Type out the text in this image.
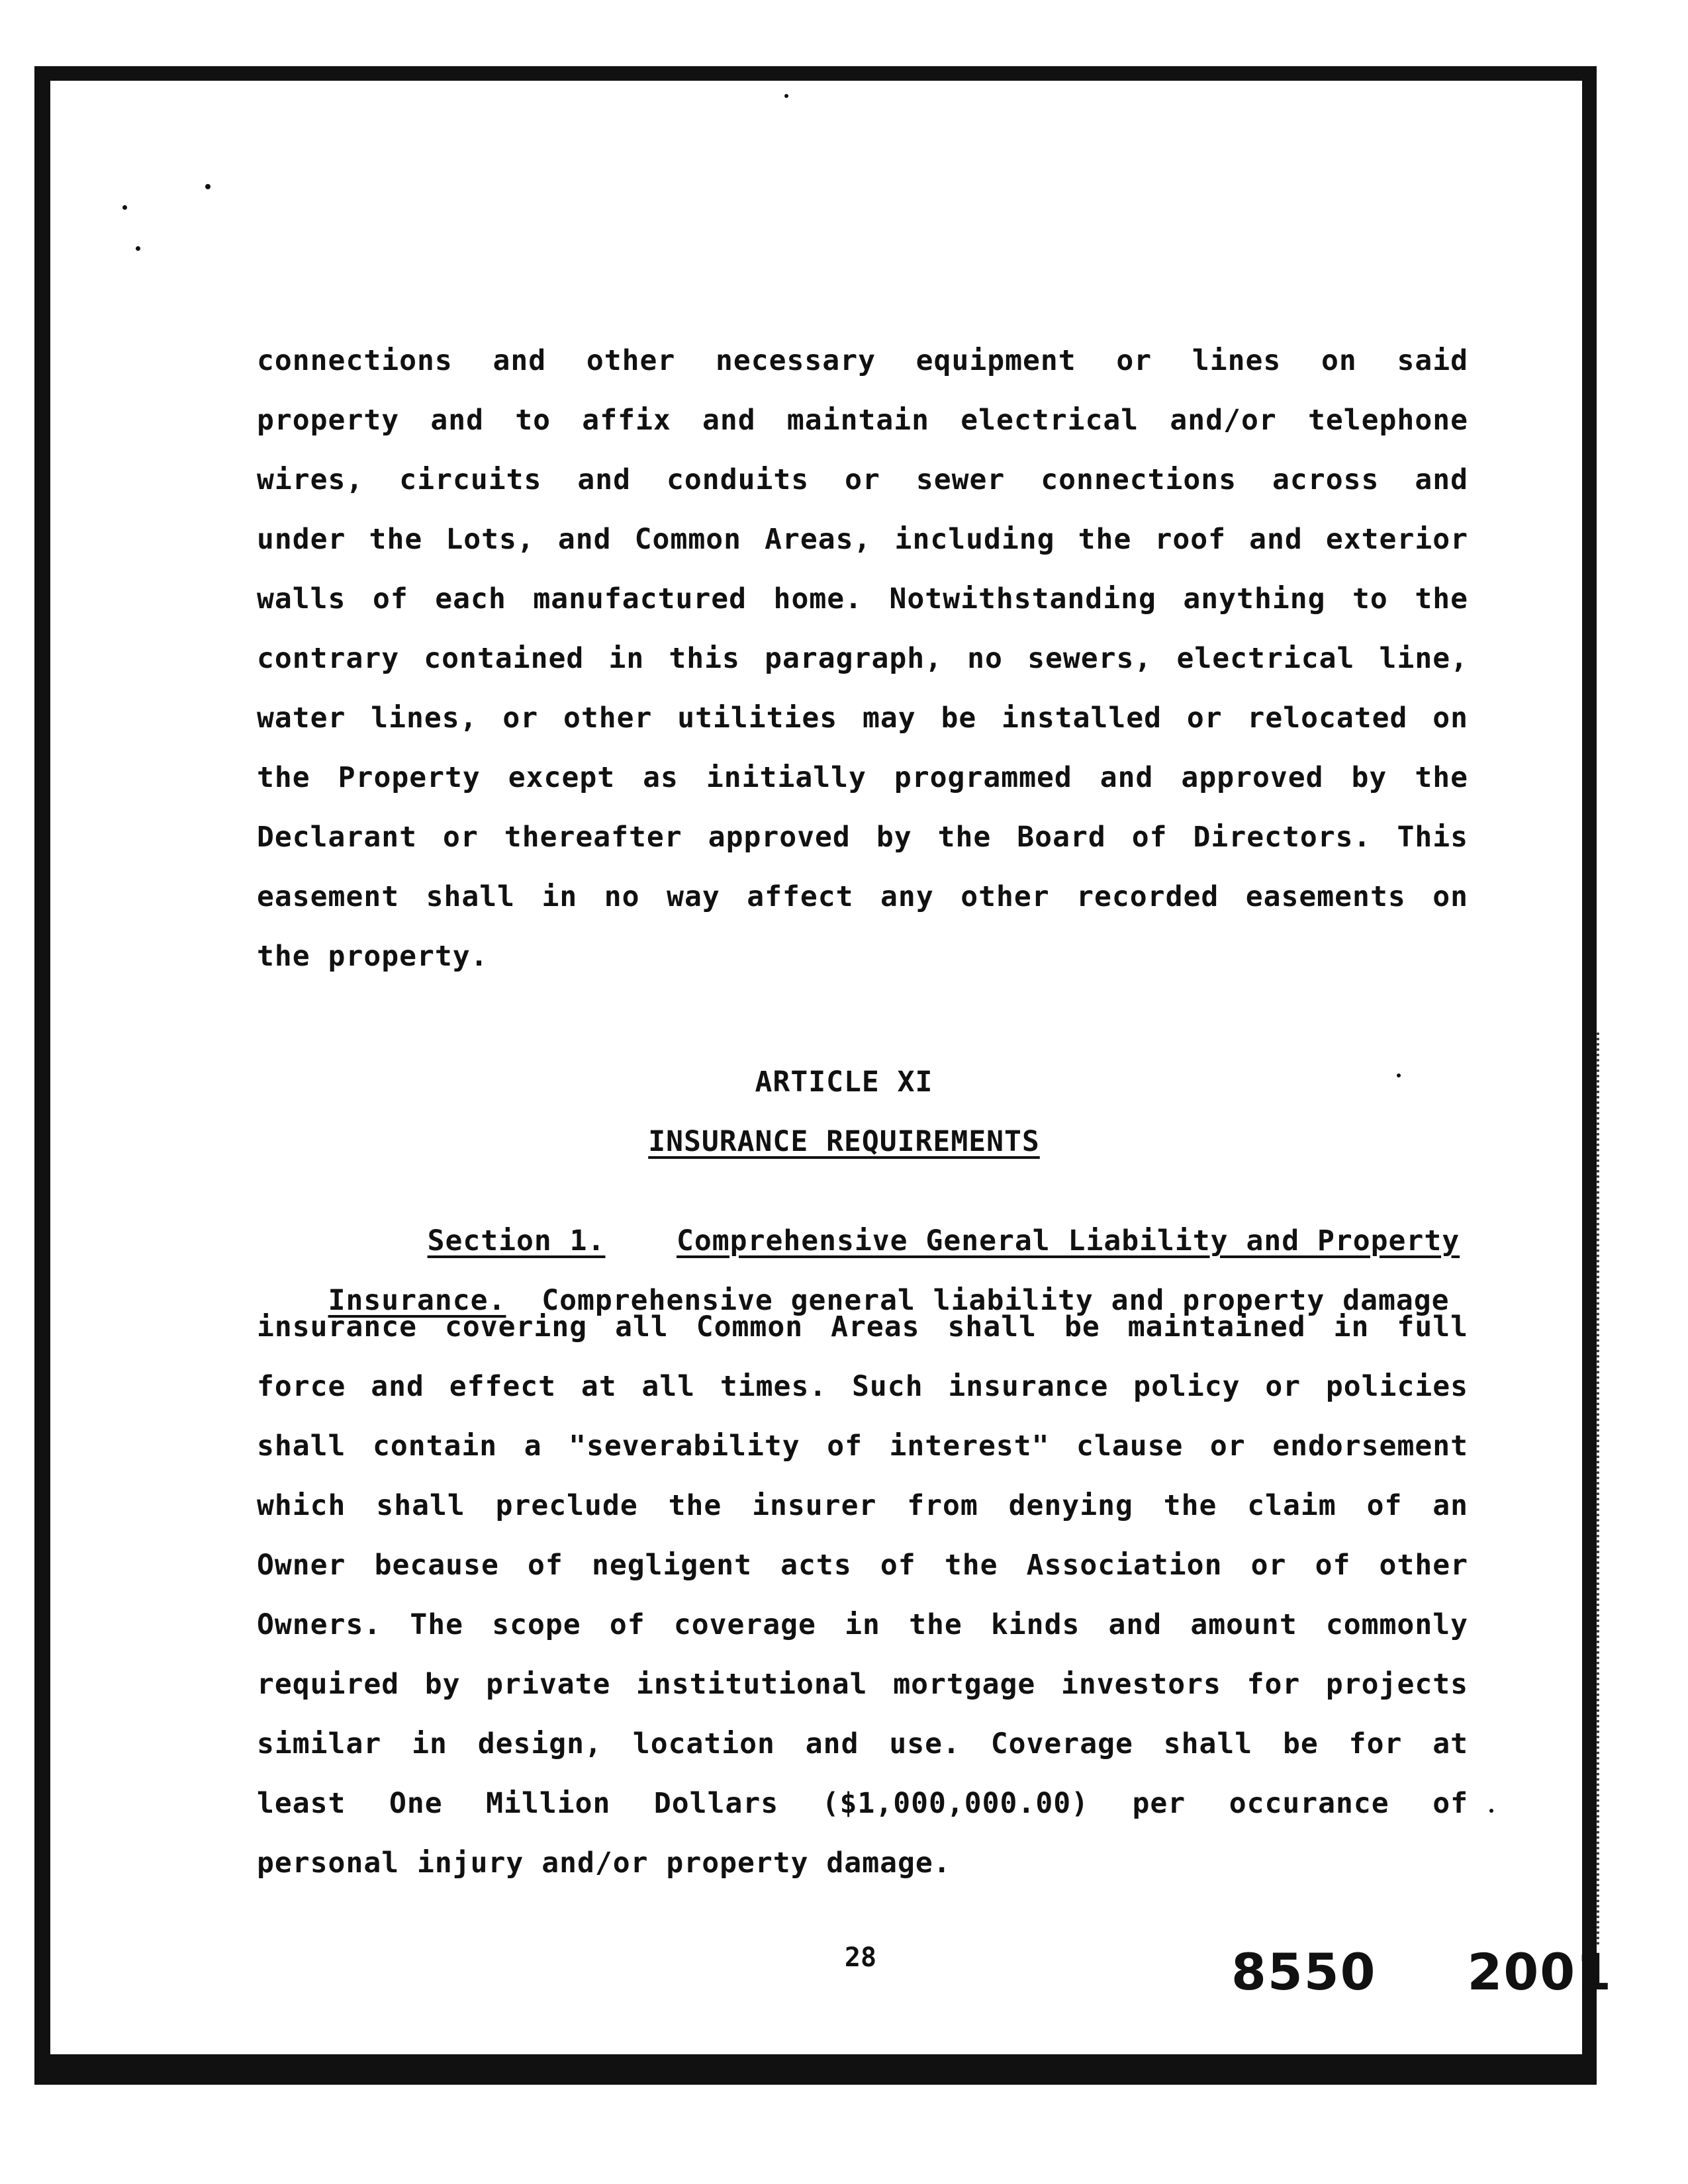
connections and other necessary equipment or lines on said
property and to affix and maintain electrical and/or telephone
wires, circuits and conduits or sewer connections across and
under the Lots, and Common Areas, including the roof and exterior
walls of each manufactured home. Notwithstanding anything to the
contrary contained in this paragraph, no sewers, electrical line,
water lines, or other utilities may be installed or relocated on
the Property except as initially programmed and approved by the
Declarant or thereafter approved by the Board of Directors. This
easement shall in no way affect any other recorded easements on
the property.
ARTICLE XI
INSURANCE REQUIREMENTS

Section 1.	Comprehensive General Liability and Property

Insurance. Comprehensive general liability and property damage

insurance covering all Common Areas shall be maintained in full
force and effect at all times. Such insurance policy or policies
shall contain a "severability of interest" clause or endorsement
which shall preclude the insurer from denying the claim of an
Owner because of negligent acts of the Association or of other
Owners. The scope of coverage in the kinds and amount commonly
required by private institutional mortgage investors for projects
similar in design, location and use. Coverage shall be for at
least One Million Dollars ($1,000,000.00) per occurance of
personal injury and/or property damage.
28	8550  2001
